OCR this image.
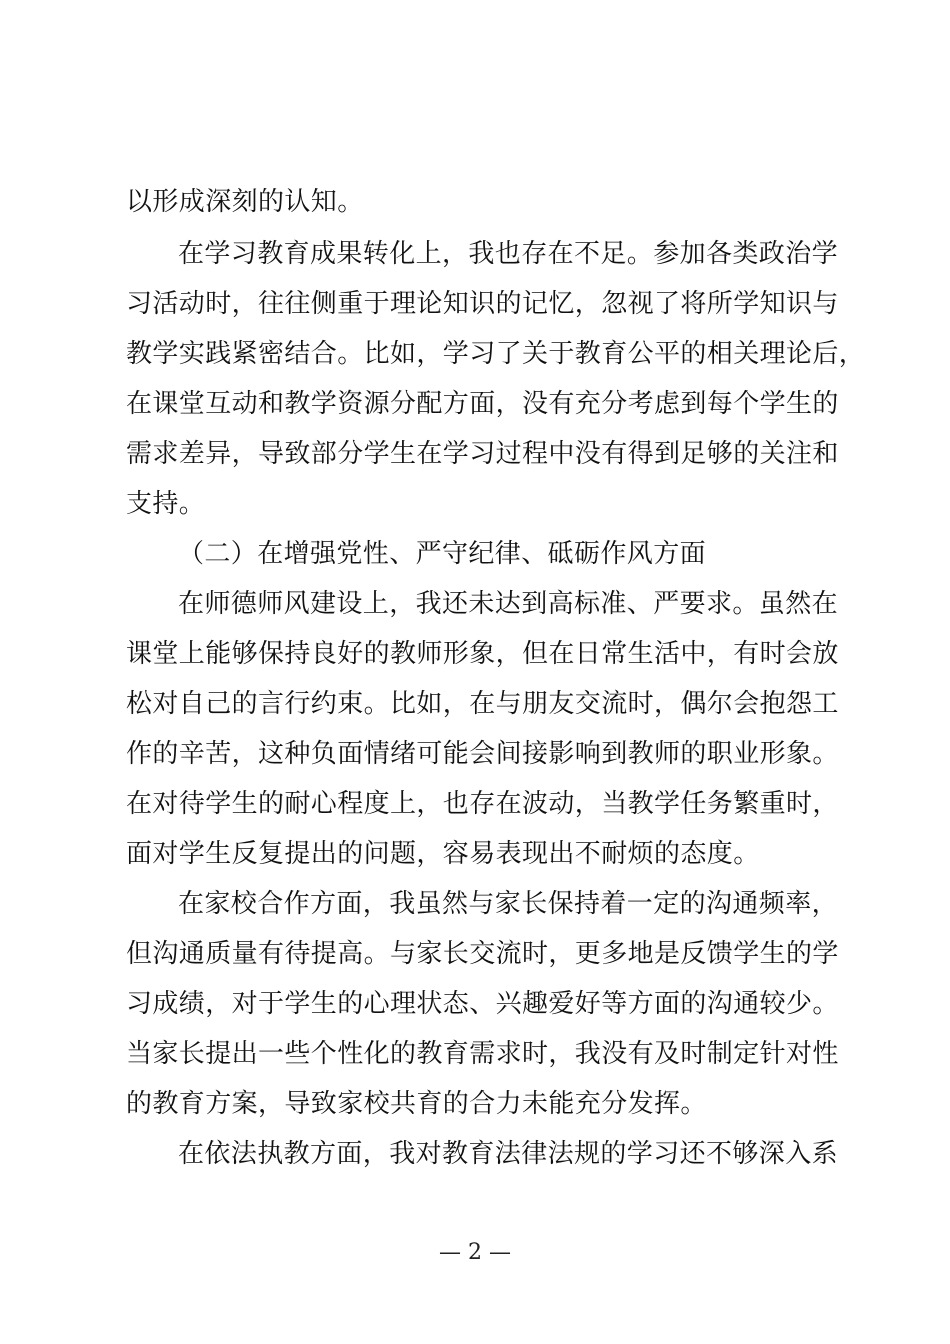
以形成深刻的认知。
在学习教育成果转化上，我也存在不足。参加各类政治学
习活动时，往往侧重于理论知识的记忆，忽视了将所学知识与
教学实践紧密结合。比如，学习了关于教育公平的相关理论后，
在课堂互动和教学资源分配方面，没有充分考虑到每个学生的
需求差异，导致部分学生在学习过程中没有得到足够的关注和
支持。
（二）在增强党性、严守纪律、砥砺作风方面
在师德师风建设上，我还未达到高标准、严要求。虽然在
课堂上能够保持良好的教师形象，但在日常生活中，有时会放
松对自己的言行约束。比如，在与朋友交流时，偶尔会抱怨工
作的辛苦，这种负面情绪可能会间接影响到教师的职业形象。
在对待学生的耐心程度上，也存在波动，当教学任务繁重时，
面对学生反复提出的问题，容易表现出不耐烦的态度。
在家校合作方面，我虽然与家长保持着一定的沟通频率，
但沟通质量有待提高。与家长交流时，更多地是反馈学生的学
习成绩，对于学生的心理状态、兴趣爱好等方面的沟通较少。
当家长提出一些个性化的教育需求时，我没有及时制定针对性
的教育方案，导致家校共育的合力未能充分发挥。
在依法执教方面，我对教育法律法规的学习还不够深入系
— 2 —
